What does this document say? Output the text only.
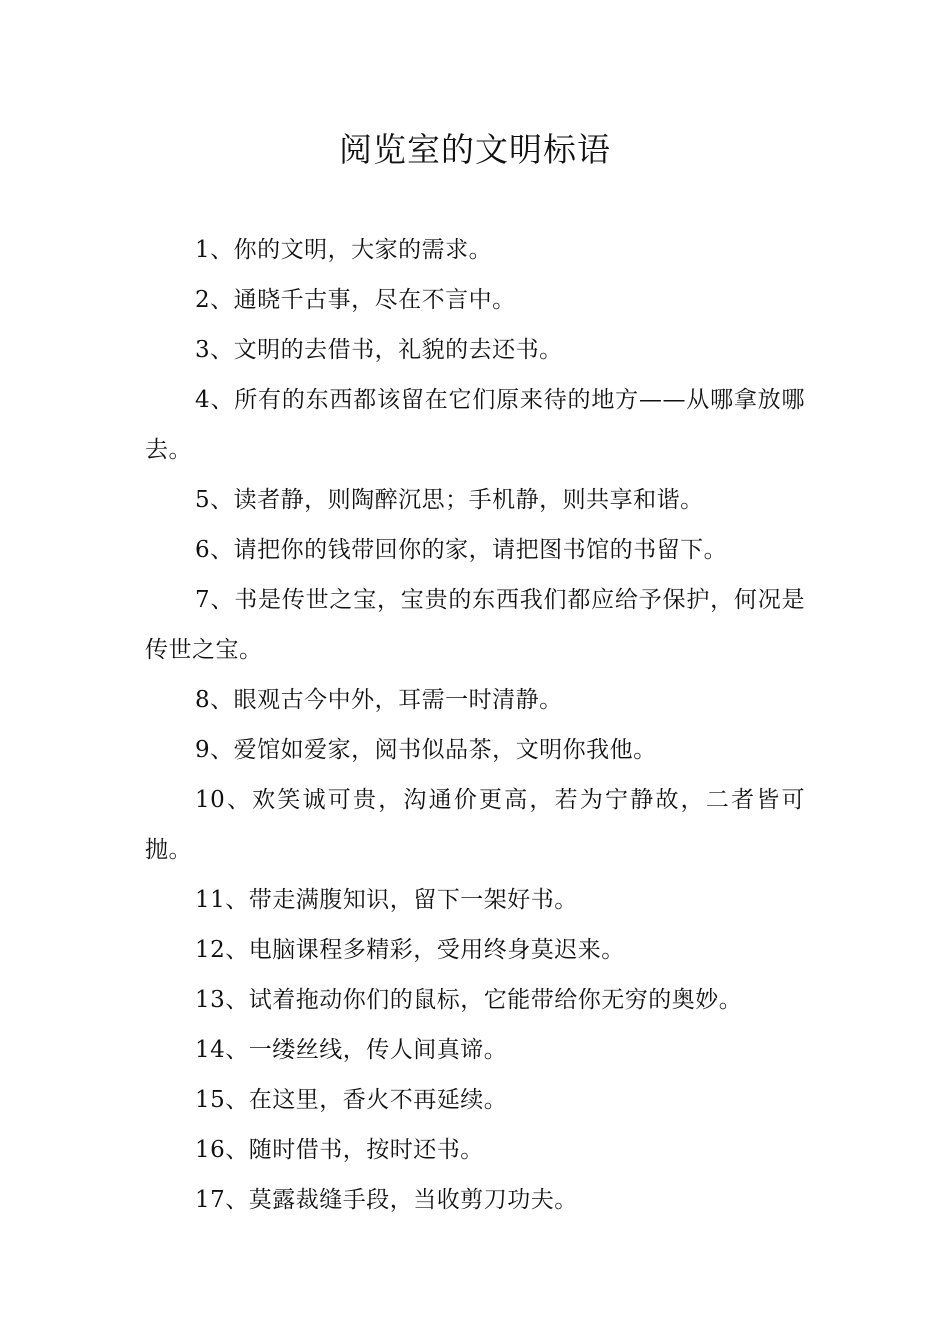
阅览室的文明标语

1、你的文明，大家的需求。

2、通晓千古事，尽在不言中。

3、文明的去借书，礼貌的去还书。

4、所有的东西都该留在它们原来待的地方——从哪拿放哪去。

5、读者静，则陶醉沉思；手机静，则共享和谐。

6、请把你的钱带回你的家，请把图书馆的书留下。

7、书是传世之宝，宝贵的东西我们都应给予保护，何况是传世之宝。

8、眼观古今中外，耳需一时清静。

9、爱馆如爱家，阅书似品茶，文明你我他。

10、欢笑诚可贵，沟通价更高，若为宁静故，二者皆可抛。

11、带走满腹知识，留下一架好书。

12、电脑课程多精彩，受用终身莫迟来。

13、试着拖动你们的鼠标，它能带给你无穷的奥妙。

14、一缕丝线，传人间真谛。

15、在这里，香火不再延续。

16、随时借书，按时还书。

17、莫露裁缝手段，当收剪刀功夫。
